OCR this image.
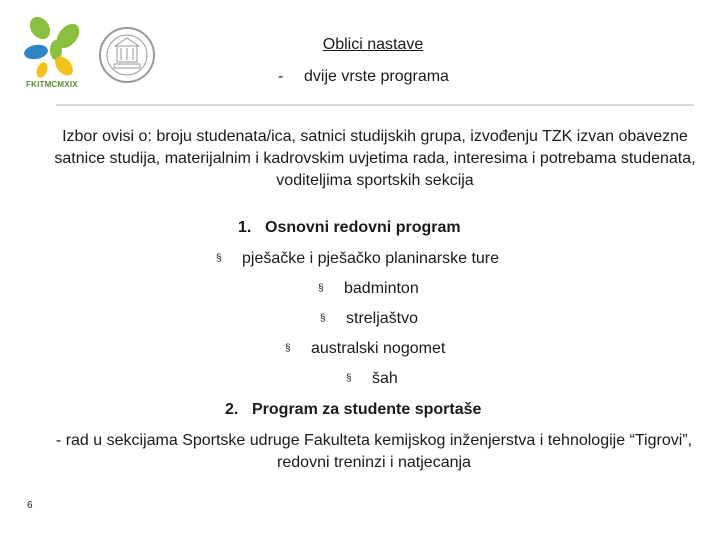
FKITMCMXIX
Oblici nastave
- dvije vrste programa
Izbor ovisi o: broju studenata/ica, satnici studijskih grupa, izvođenju TZK izvan obavezne satnice studija, materijalnim i kadrovskim uvjetima rada, interesima i potrebama studenata, voditeljima sportskih sekcija
1. Osnovni redovni program
§ pješačke i pješačko planinarske ture
§ badminton
§ streljaštvo
§ australski nogomet
§ šah
2. Program za studente sportaše
- rad u sekcijama Sportske udruge Fakulteta kemijskog inženjerstva i tehnologije “Tigrovi”, redovni treninzi i natjecanja
6
